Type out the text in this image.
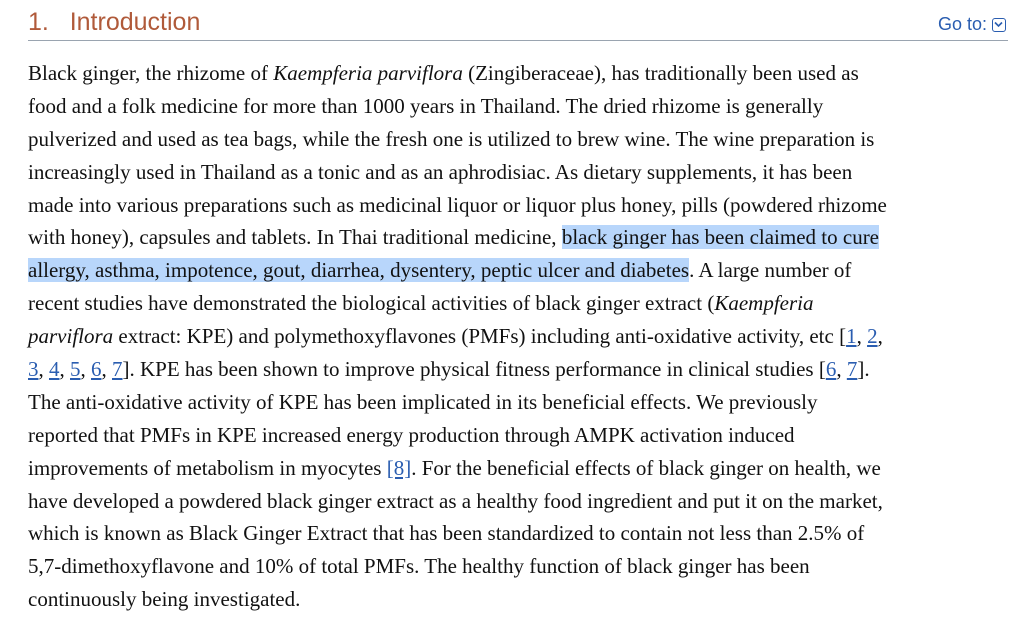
1. Introduction	Go to:
Black ginger, the rhizome of Kaempferia parviflora (Zingiberaceae), has traditionally been used as
food and a folk medicine for more than 1000 years in Thailand. The dried rhizome is generally
pulverized and used as tea bags, while the fresh one is utilized to brew wine. The wine preparation is
increasingly used in Thailand as a tonic and as an aphrodisiac. As dietary supplements, it has been
made into various preparations such as medicinal liquor or liquor plus honey, pills (powdered rhizome
with honey), capsules and tablets. In Thai traditional medicine, black ginger has been claimed to cure
allergy, asthma, impotence, gout, diarrhea, dysentery, peptic ulcer and diabetes. A large number of
recent studies have demonstrated the biological activities of black ginger extract (Kaempferia
parviflora extract: KPE) and polymethoxyflavones (PMFs) including anti-oxidative activity, etc [1, 2,
3, 4, 5, 6, 7]. KPE has been shown to improve physical fitness performance in clinical studies [6, 7].
The anti-oxidative activity of KPE has been implicated in its beneficial effects. We previously
reported that PMFs in KPE increased energy production through AMPK activation induced
improvements of metabolism in myocytes [8]. For the beneficial effects of black ginger on health, we
have developed a powdered black ginger extract as a healthy food ingredient and put it on the market,
which is known as Black Ginger Extract that has been standardized to contain not less than 2.5% of
5,7-dimethoxyflavone and 10% of total PMFs. The healthy function of black ginger has been
continuously being investigated.
